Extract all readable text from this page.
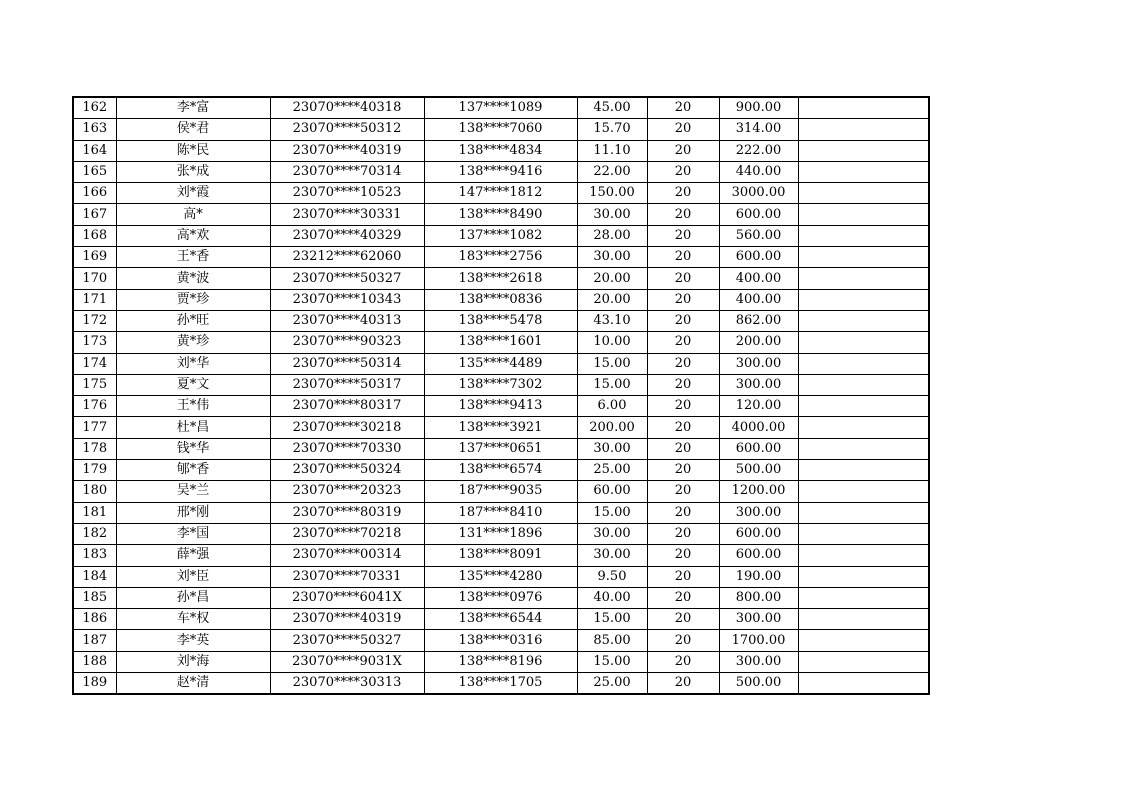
162	李*富	23070****40318	137****1089	45.00	20	900.00	
163	侯*君	23070****50312	138****7060	15.70	20	314.00	
164	陈*民	23070****40319	138****4834	11.10	20	222.00	
165	张*成	23070****70314	138****9416	22.00	20	440.00	
166	刘*霞	23070****10523	147****1812	150.00	20	3000.00	
167	高*	23070****30331	138****8490	30.00	20	600.00	
168	高*欢	23070****40329	137****1082	28.00	20	560.00	
169	王*香	23212****62060	183****2756	30.00	20	600.00	
170	黄*波	23070****50327	138****2618	20.00	20	400.00	
171	贾*珍	23070****10343	138****0836	20.00	20	400.00	
172	孙*旺	23070****40313	138****5478	43.10	20	862.00	
173	黄*珍	23070****90323	138****1601	10.00	20	200.00	
174	刘*华	23070****50314	135****4489	15.00	20	300.00	
175	夏*文	23070****50317	138****7302	15.00	20	300.00	
176	王*伟	23070****80317	138****9413	6.00	20	120.00	
177	杜*昌	23070****30218	138****3921	200.00	20	4000.00	
178	钱*华	23070****70330	137****0651	30.00	20	600.00	
179	郇*香	23070****50324	138****6574	25.00	20	500.00	
180	吴*兰	23070****20323	187****9035	60.00	20	1200.00	
181	邢*刚	23070****80319	187****8410	15.00	20	300.00	
182	李*国	23070****70218	131****1896	30.00	20	600.00	
183	薛*强	23070****00314	138****8091	30.00	20	600.00	
184	刘*臣	23070****70331	135****4280	9.50	20	190.00	
185	孙*昌	23070****6041X	138****0976	40.00	20	800.00	
186	车*权	23070****40319	138****6544	15.00	20	300.00	
187	李*英	23070****50327	138****0316	85.00	20	1700.00	
188	刘*海	23070****9031X	138****8196	15.00	20	300.00	
189	赵*清	23070****30313	138****1705	25.00	20	500.00	
